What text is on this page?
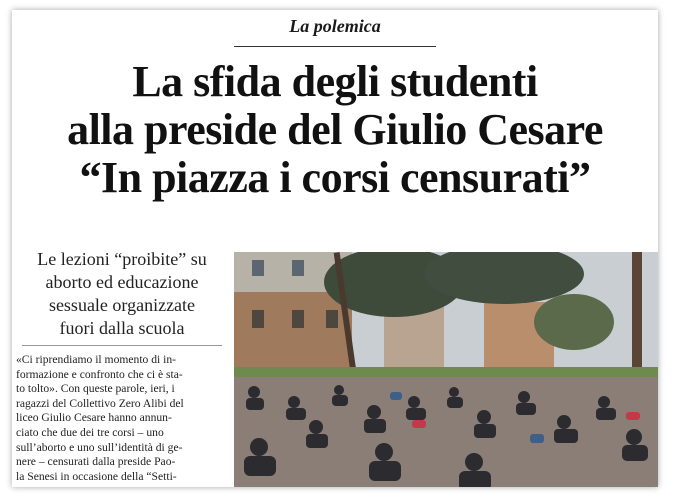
La polemica
La sfida degli studenti
alla preside del Giulio Cesare
“In piazza i corsi censurati”
Le lezioni “proibite” su
aborto ed educazione
sessuale organizzate
fuori dalla scuola
«Ci riprendiamo il momento di in-
formazione e confronto che ci è sta-
to tolto». Con queste parole, ieri, i
ragazzi del Collettivo Zero Alibi del
liceo Giulio Cesare hanno annun-
ciato che due dei tre corsi – uno
sull’aborto e uno sull’identità di ge-
nere – censurati dalla preside Pao-
la Senesi in occasione della “Setti-
